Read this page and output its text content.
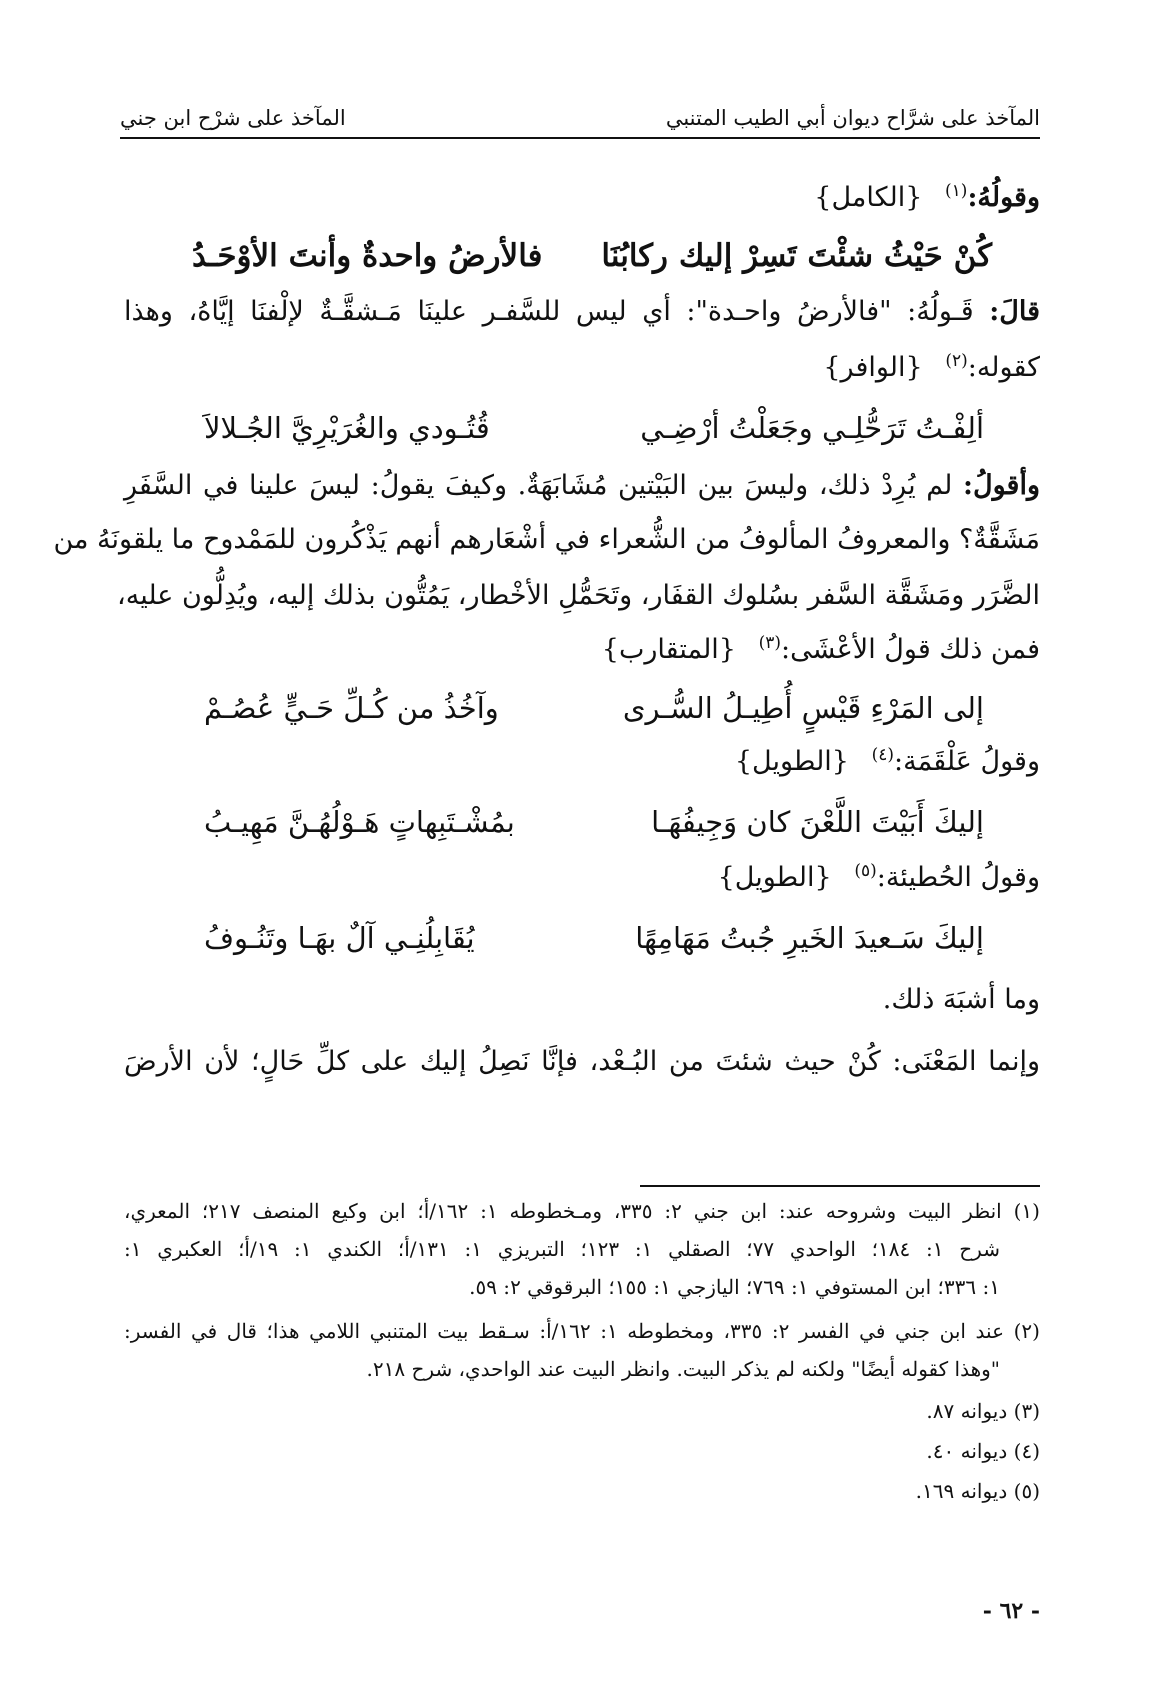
المآخذ على شرَّاح ديوان أبي الطيب المتنبي
المآخذ على شرْح ابن جني
وقولُهُ:$^{(١)}$ {الكامل}
كُنْ حَيْثُ شئْتَ تَسِرْ إليك ركابُنَا
فالأرضُ واحدةٌ وأنتَ الأوْحَـدُ
قالَ: قَـولُهُ: "فالأرضُ واحـدة": أي ليس للسَّفـر علينَا مَـشقَّـةٌ لإلْفنَا إيَّاهُ، وهذا
كقوله:$^{(٢)}$ {الوافر}
ألِفْـتُ تَرَحُّلِـي وجَعَلْتُ أرْضِـي
قُتُـودي والغُرَيْرِيَّ الجُـلالاَ
وأقولُ: لم يُرِدْ ذلك، وليسَ بين البَيْتين مُشَابَهَةٌ. وكيفَ يقولُ: ليسَ علينا في السَّفَرِ
مَشَقَّةٌ؟ والمعروفُ المألوفُ من الشُّعراء في أشْعَارهم أنهم يَذْكُرون للمَمْدوح ما يلقونَهُ من
الضَّرَر ومَشَقَّة السَّفر بسُلوك القفَار، وتَحَمُّلِ الأخْطار، يَمُتُّون بذلك إليه، ويُدِلُّون عليه،
فمن ذلك قولُ الأعْشَى:$^{(٣)}$ {المتقارب}
إلى المَرْءِ قَيْسٍ أُطِيـلُ السُّـرى
وآخُذُ من كُـلِّ حَـيٍّ عُصُـمْ
وقولُ عَلْقَمَة:$^{(٤)}$ {الطويل}
إليكَ أَبَيْتَ اللَّعْنَ كان وَجِيفُهَـا
بمُشْـتَبِهاتٍ هَـوْلُهُـنَّ مَهِيـبُ
وقولُ الحُطيئة:$^{(٥)}$ {الطويل}
إليكَ سَـعيدَ الخَيرِ جُبتُ مَهَامِهًا
يُقَابِلُنِـي آلٌ بهَـا وتَنُـوفُ
وما أشبَهَ ذلك.
وإنما المَعْنَى: كُنْ حيث شئتَ من البُـعْد، فإنَّا نَصِلُ إليك على كلِّ حَالٍ؛ لأن الأرضَ
(١) انظر البيت وشروحه عند: ابن جني ٢: ٣٣٥، ومـخطوطه ١: ١٦٢/أ؛ ابن وكيع المنصف ٢١٧؛ المعري،
شرح ١: ١٨٤؛ الواحدي ٧٧؛ الصقلي ١: ١٢٣؛ التبريزي ١: ١٣١/أ؛ الكندي ١: ١٩/أ؛ العكبري ١:
١: ٣٣٦؛ ابن المستوفي ١: ٧٦٩؛ اليازجي ١: ١٥٥؛ البرقوقي ٢: ٥٩.
(٢) عند ابن جني في الفسر ٢: ٣٣٥، ومخطوطه ١: ١٦٢/أ: سـقط بيت المتنبي اللامي هذا؛ قال في الفسر:
"وهذا كقوله أيضًا" ولكنه لم يذكر البيت. وانظر البيت عند الواحدي، شرح ٢١٨.
(٣) ديوانه ٨٧.
(٤) ديوانه ٤٠.
(٥) ديوانه ١٦٩.
- ٦٢ -
